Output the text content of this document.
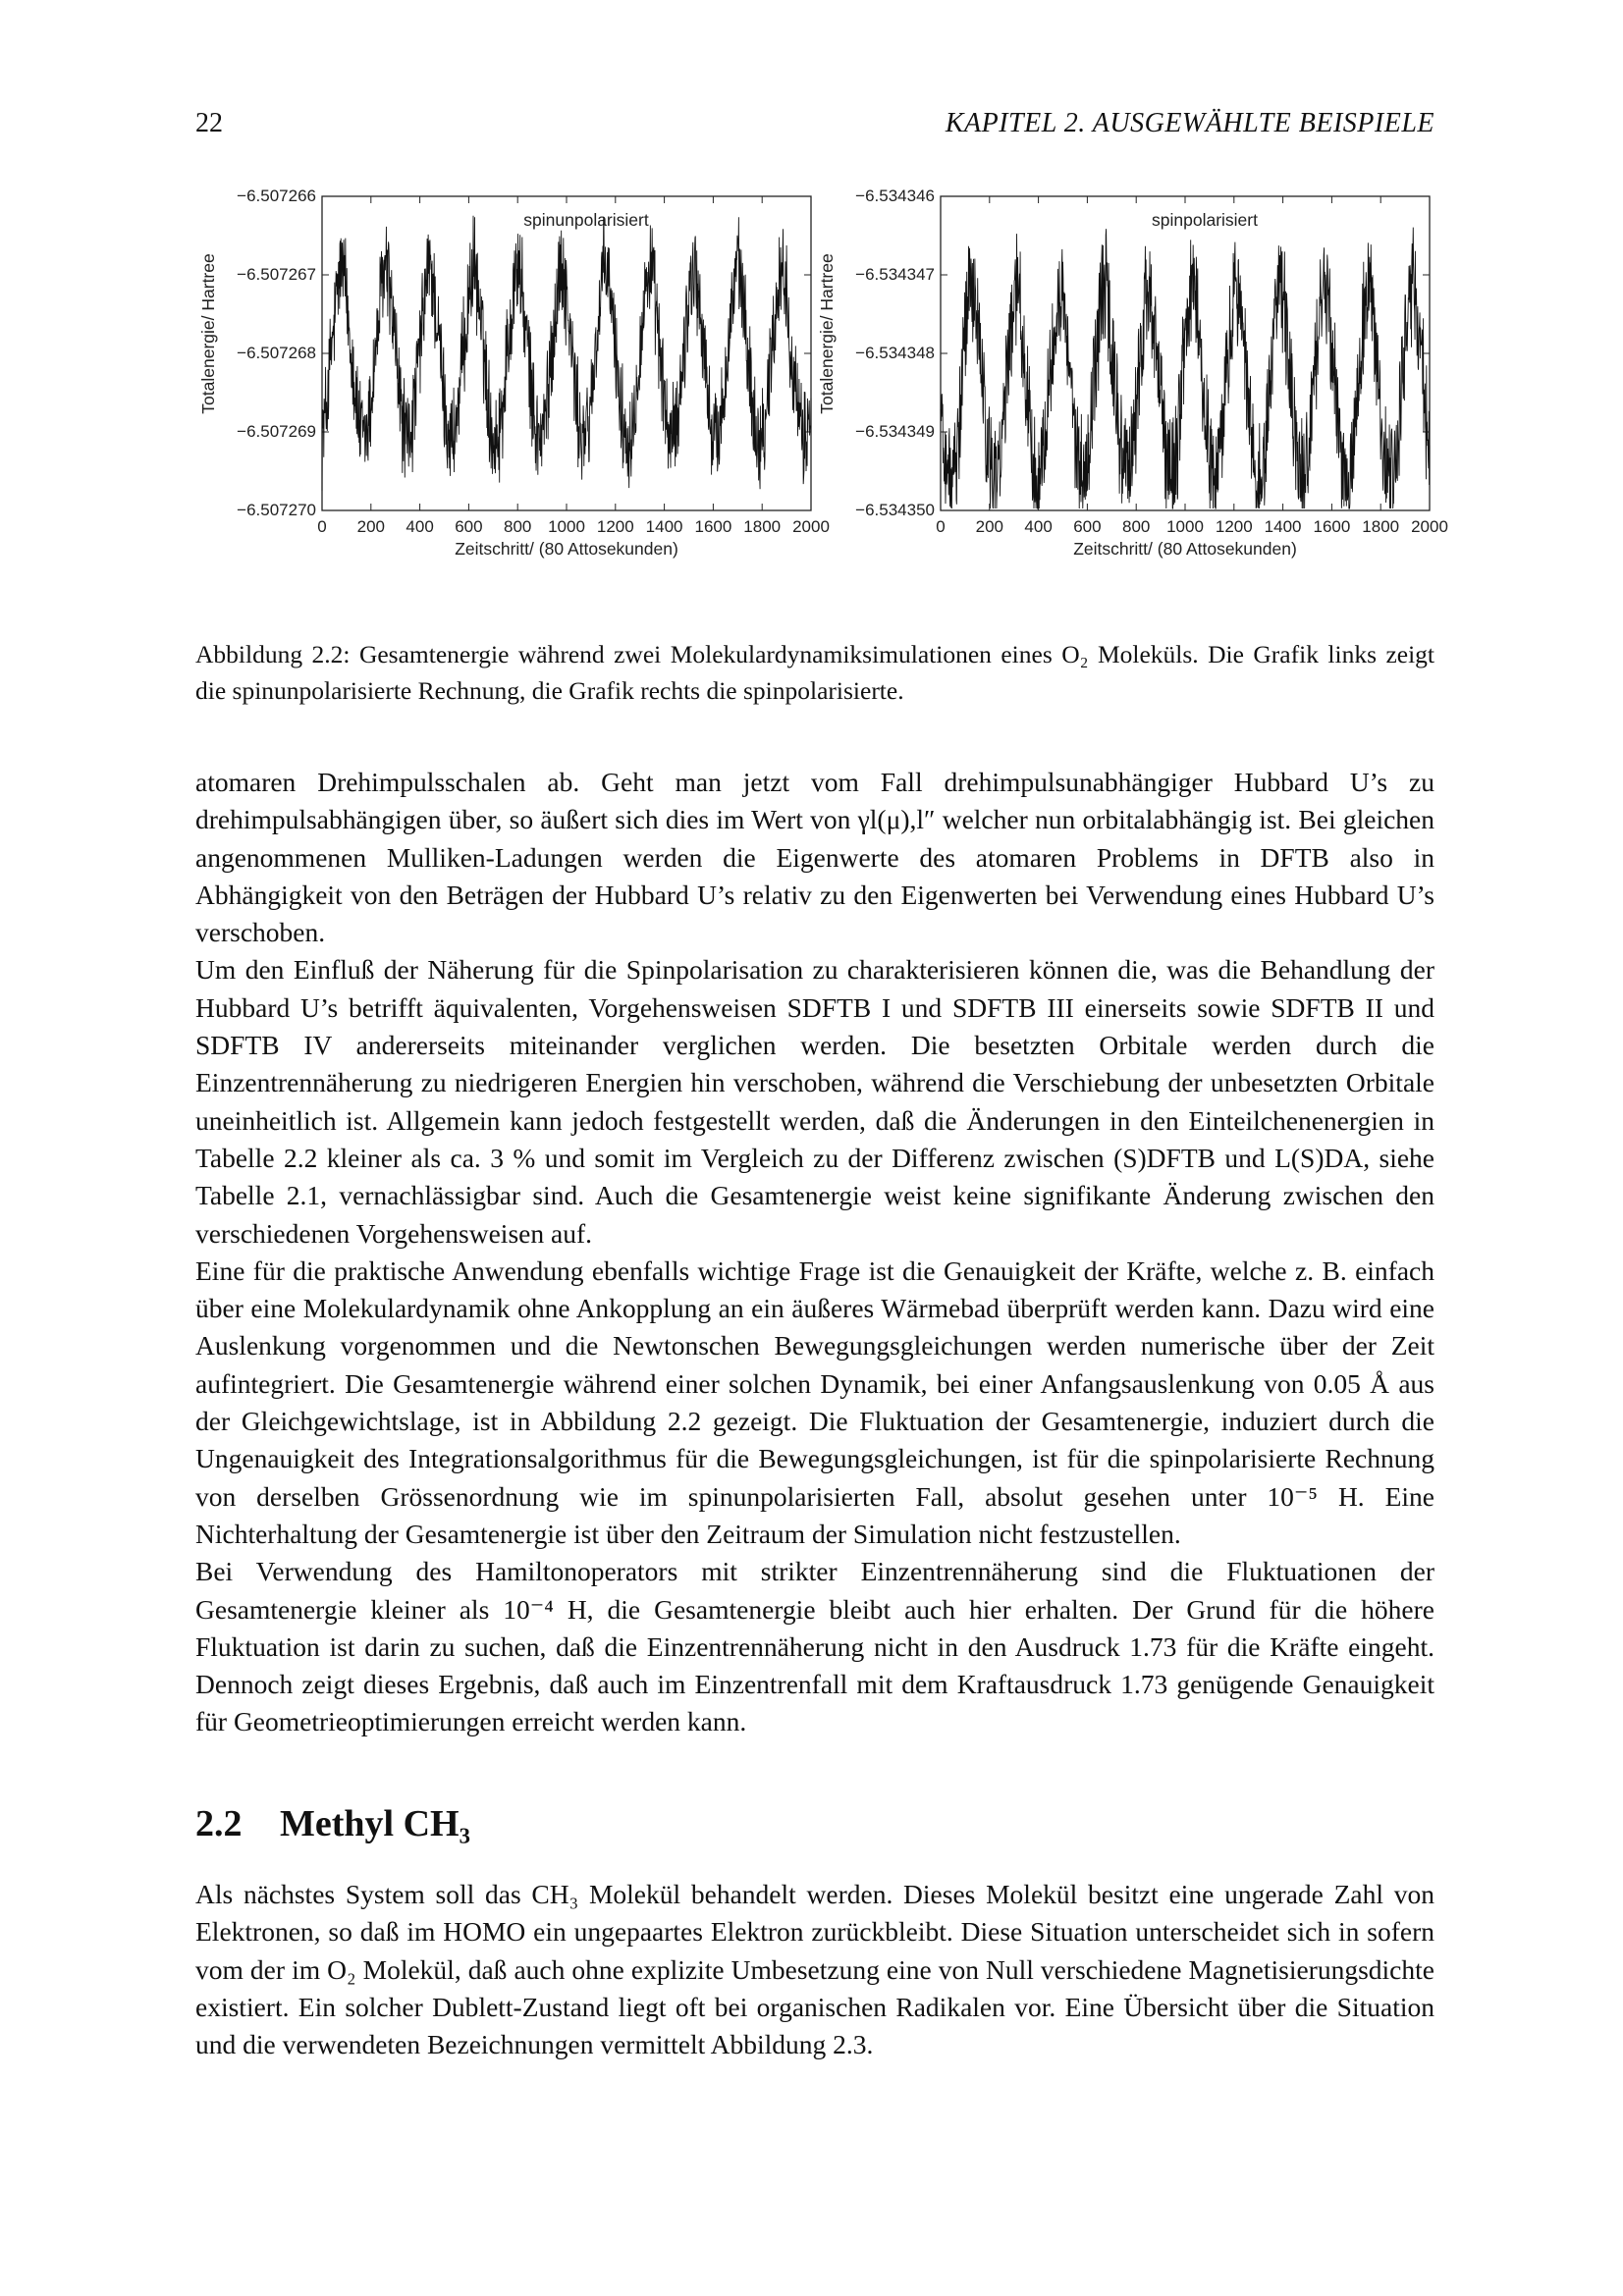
22	KAPITEL 2. AUSGEWÄHLTE BEISPIELE
0 200 400 600 800 1000 1200 1400 1600 1800 2000
−6.507266
−6.507267
−6.507268
−6.507269
−6.507270
spinunpolarisiert
Zeitschritt/ (80 Attosekunden)
Totalenergie/ Hartree
0 200 400 600 800 1000 1200 1400 1600 1800 2000
−6.534346
−6.534347
−6.534348
−6.534349
−6.534350
spinpolarisiert
Zeitschritt/ (80 Attosekunden)
Totalenergie/ Hartree
Abbildung 2.2: Gesamtenergie während zwei Molekulardynamiksimulationen eines O₂ Moleküls. Die Grafik links zeigt die spinunpolarisierte Rechnung, die Grafik rechts die spinpolarisierte.

atomaren Drehimpulsschalen ab. Geht man jetzt vom Fall drehimpulsunabhängiger Hubbard U’s zu drehimpulsabhängigen über, so äußert sich dies im Wert von γl(μ),l″ welcher nun orbitalabhängig ist. Bei gleichen angenommenen Mulliken-Ladungen werden die Eigenwerte des atomaren Problems in DFTB also in Abhängigkeit von den Beträgen der Hubbard U’s relativ zu den Eigenwerten bei Verwendung eines Hubbard U’s verschoben.

Um den Einfluß der Näherung für die Spinpolarisation zu charakterisieren können die, was die Behandlung der Hubbard U’s betrifft äquivalenten, Vorgehensweisen SDFTB I und SDFTB III einerseits sowie SDFTB II und SDFTB IV andererseits miteinander verglichen werden. Die besetzten Orbitale werden durch die Einzentrennäherung zu niedrigeren Energien hin verschoben, während die Verschiebung der unbesetzten Orbitale uneinheitlich ist. Allgemein kann jedoch festgestellt werden, daß die Änderungen in den Einteilchenenergien in Tabelle 2.2 kleiner als ca. 3 % und somit im Vergleich zu der Differenz zwischen (S)DFTB und L(S)DA, siehe Tabelle 2.1, vernachlässigbar sind. Auch die Gesamtenergie weist keine signifikante Änderung zwischen den verschiedenen Vorgehensweisen auf.

Eine für die praktische Anwendung ebenfalls wichtige Frage ist die Genauigkeit der Kräfte, welche z. B. einfach über eine Molekulardynamik ohne Ankopplung an ein äußeres Wärmebad überprüft werden kann. Dazu wird eine Auslenkung vorgenommen und die Newtonschen Bewegungsgleichungen werden numerische über der Zeit aufintegriert. Die Gesamtenergie während einer solchen Dynamik, bei einer Anfangsauslenkung von 0.05 Å aus der Gleichgewichtslage, ist in Abbildung 2.2 gezeigt. Die Fluktuation der Gesamtenergie, induziert durch die Ungenauigkeit des Integrationsalgorithmus für die Bewegungsgleichungen, ist für die spinpolarisierte Rechnung von derselben Grössenordnung wie im spinunpolarisierten Fall, absolut gesehen unter 10⁻⁵ H. Eine Nichterhaltung der Gesamtenergie ist über den Zeitraum der Simulation nicht festzustellen.

Bei Verwendung des Hamiltonoperators mit strikter Einzentrennäherung sind die Fluktuationen der Gesamtenergie kleiner als 10⁻⁴ H, die Gesamtenergie bleibt auch hier erhalten. Der Grund für die höhere Fluktuation ist darin zu suchen, daß die Einzentrennäherung nicht in den Ausdruck 1.73 für die Kräfte eingeht. Dennoch zeigt dieses Ergebnis, daß auch im Einzentrenfall mit dem Kraftausdruck 1.73 genügende Genauigkeit für Geometrieoptimierungen erreicht werden kann.

2.2 Methyl CH₃

Als nächstes System soll das CH₃ Molekül behandelt werden. Dieses Molekül besitzt eine ungerade Zahl von Elektronen, so daß im HOMO ein ungepaartes Elektron zurückbleibt. Diese Situation unterscheidet sich in sofern vom der im O₂ Molekül, daß auch ohne explizite Umbesetzung eine von Null verschiedene Magnetisierungsdichte existiert. Ein solcher Dublett-Zustand liegt oft bei organischen Radikalen vor. Eine Übersicht über die Situation und die verwendeten Bezeichnungen vermittelt Abbildung 2.3.
